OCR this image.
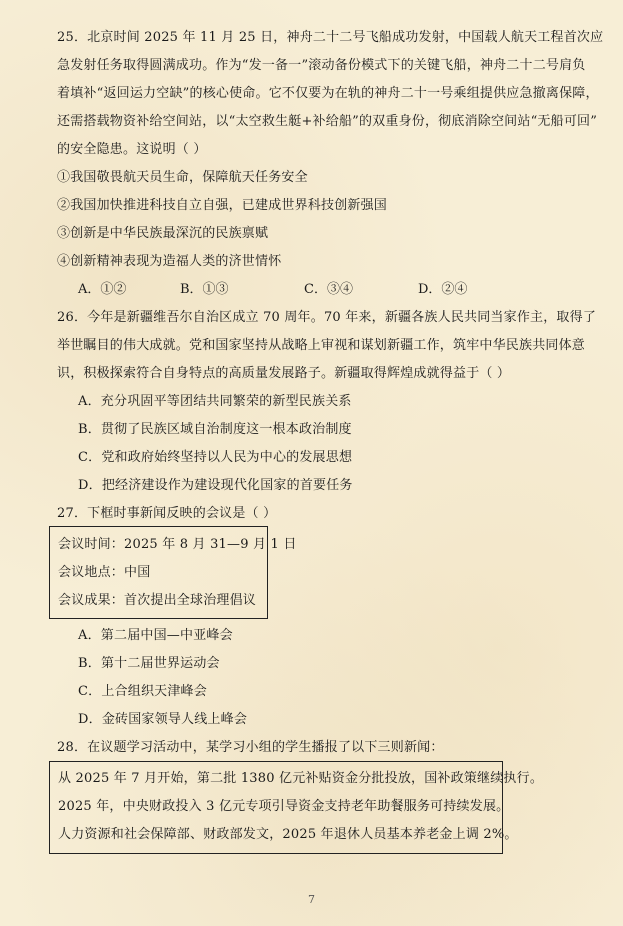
25．北京时间 2025 年 11 月 25 日，神舟二十二号飞船成功发射，中国载人航天工程首次应
急发射任务取得圆满成功。作为“发一备一”滚动备份模式下的关键飞船，神舟二十二号肩负
着填补“返回运力空缺”的核心使命。它不仅要为在轨的神舟二十一号乘组提供应急撤离保障，
还需搭载物资补给空间站，以“太空救生艇+补给船”的双重身份，彻底消除空间站“无船可回”
的安全隐患。这说明（ ）
①我国敬畏航天员生命，保障航天任务安全
②我国加快推进科技自立自强，已建成世界科技创新强国
③创新是中华民族最深沉的民族禀赋
④创新精神表现为造福人类的济世情怀
A．①②	B．①③	C．③④	D．②④
26．今年是新疆维吾尔自治区成立 70 周年。70 年来，新疆各族人民共同当家作主，取得了
举世瞩目的伟大成就。党和国家坚持从战略上审视和谋划新疆工作，筑牢中华民族共同体意
识，积极探索符合自身特点的高质量发展路子。新疆取得辉煌成就得益于（ ）
A．充分巩固平等团结共同繁荣的新型民族关系
B．贯彻了民族区域自治制度这一根本政治制度
C．党和政府始终坚持以人民为中心的发展思想
D．把经济建设作为建设现代化国家的首要任务
27．下框时事新闻反映的会议是（ ）
会议时间：2025 年 8 月 31—9 月 1 日
会议地点：中国
会议成果：首次提出全球治理倡议
A．第二届中国—中亚峰会
B．第十二届世界运动会
C．上合组织天津峰会
D．金砖国家领导人线上峰会
28．在议题学习活动中，某学习小组的学生播报了以下三则新闻：
从 2025 年 7 月开始，第二批 1380 亿元补贴资金分批投放，国补政策继续执行。
2025 年，中央财政投入 3 亿元专项引导资金支持老年助餐服务可持续发展。
人力资源和社会保障部、财政部发文，2025 年退休人员基本养老金上调 2%。
7
